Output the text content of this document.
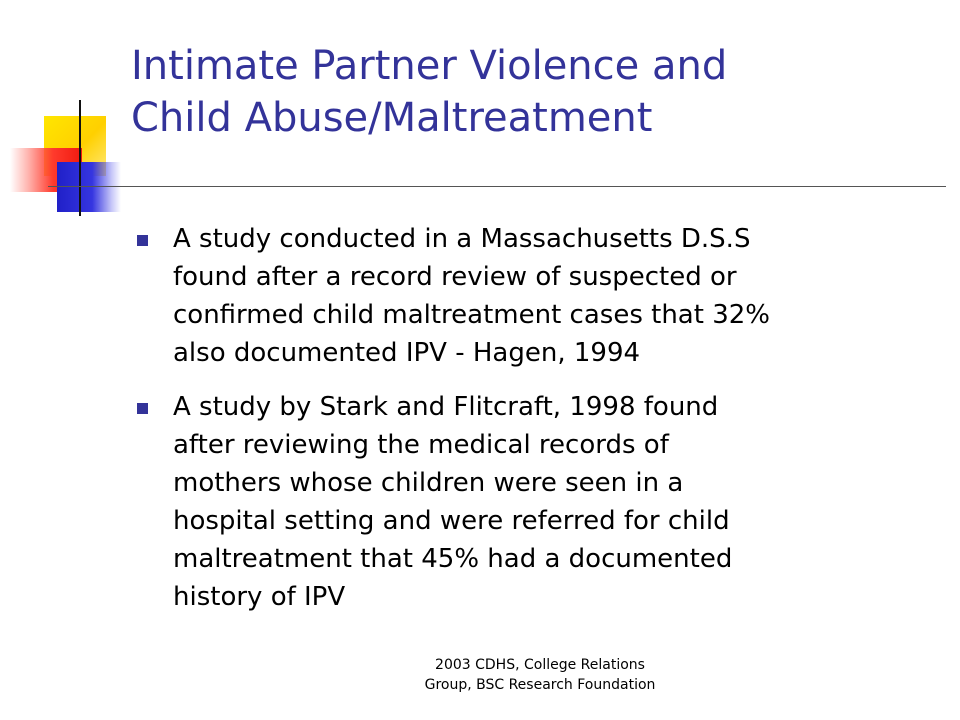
Intimate Partner Violence and
Child Abuse/Maltreatment
A study conducted in a Massachusetts D.S.S
found after a record review of suspected or
confirmed child maltreatment cases that 32%
also documented IPV - Hagen, 1994
A study by Stark and Flitcraft, 1998 found
after reviewing the medical records of
mothers whose children were seen in a
hospital setting and were referred for child
maltreatment that 45% had a documented
history of IPV
2003 CDHS, College Relations
Group, BSC Research Foundation
